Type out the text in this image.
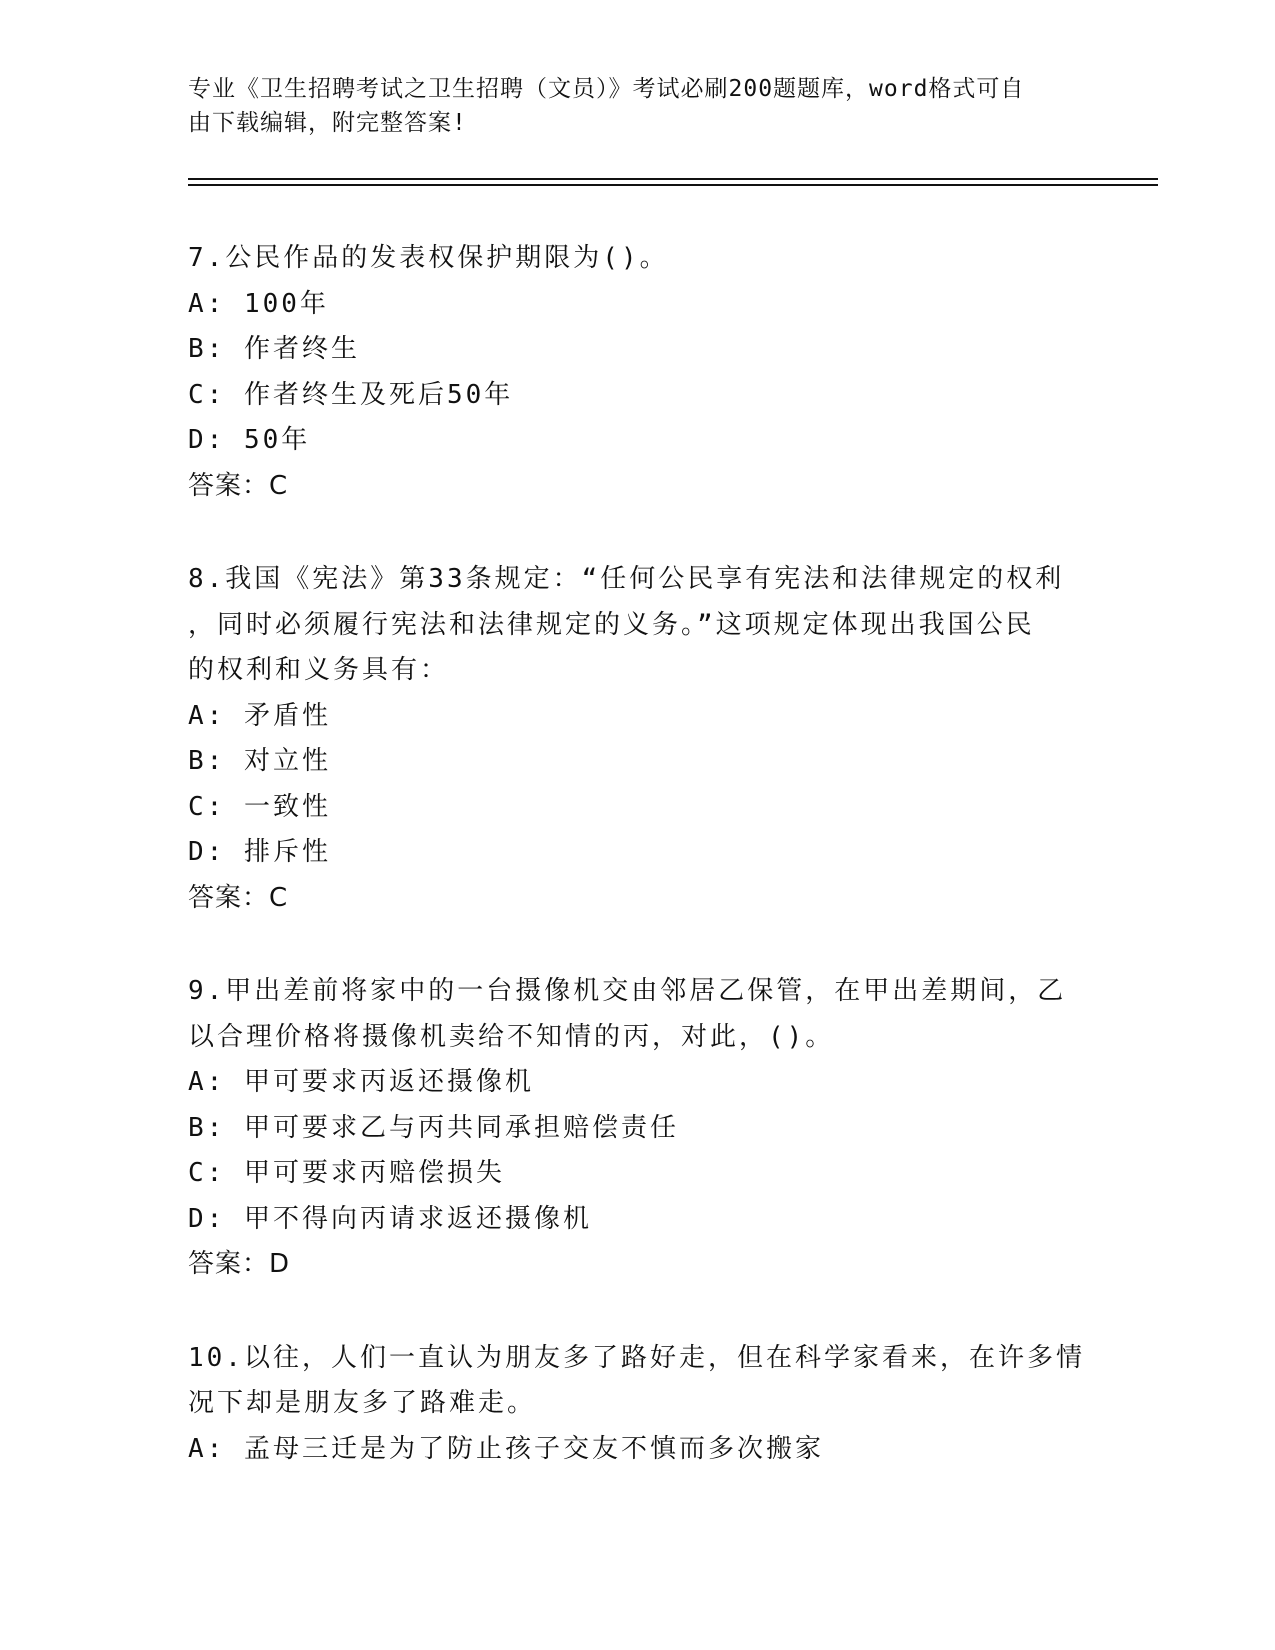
专业《卫生招聘考试之卫生招聘（文员）》考试必刷200题题库，word格式可自
由下载编辑，附完整答案!
7.公民作品的发表权保护期限为()。
A: 100年
B: 作者终生
C: 作者终生及死后50年
D: 50年
答案：C
8.我国《宪法》第33条规定：“任何公民享有宪法和法律规定的权利
，同时必须履行宪法和法律规定的义务。”这项规定体现出我国公民
的权利和义务具有：
A: 矛盾性
B: 对立性
C: 一致性
D: 排斥性
答案：C
9.甲出差前将家中的一台摄像机交由邻居乙保管，在甲出差期间，乙
以合理价格将摄像机卖给不知情的丙，对此，()。
A: 甲可要求丙返还摄像机
B: 甲可要求乙与丙共同承担赔偿责任
C: 甲可要求丙赔偿损失
D: 甲不得向丙请求返还摄像机
答案：D
10.以往，人们一直认为朋友多了路好走，但在科学家看来，在许多情
况下却是朋友多了路难走。
A: 孟母三迁是为了防止孩子交友不慎而多次搬家
